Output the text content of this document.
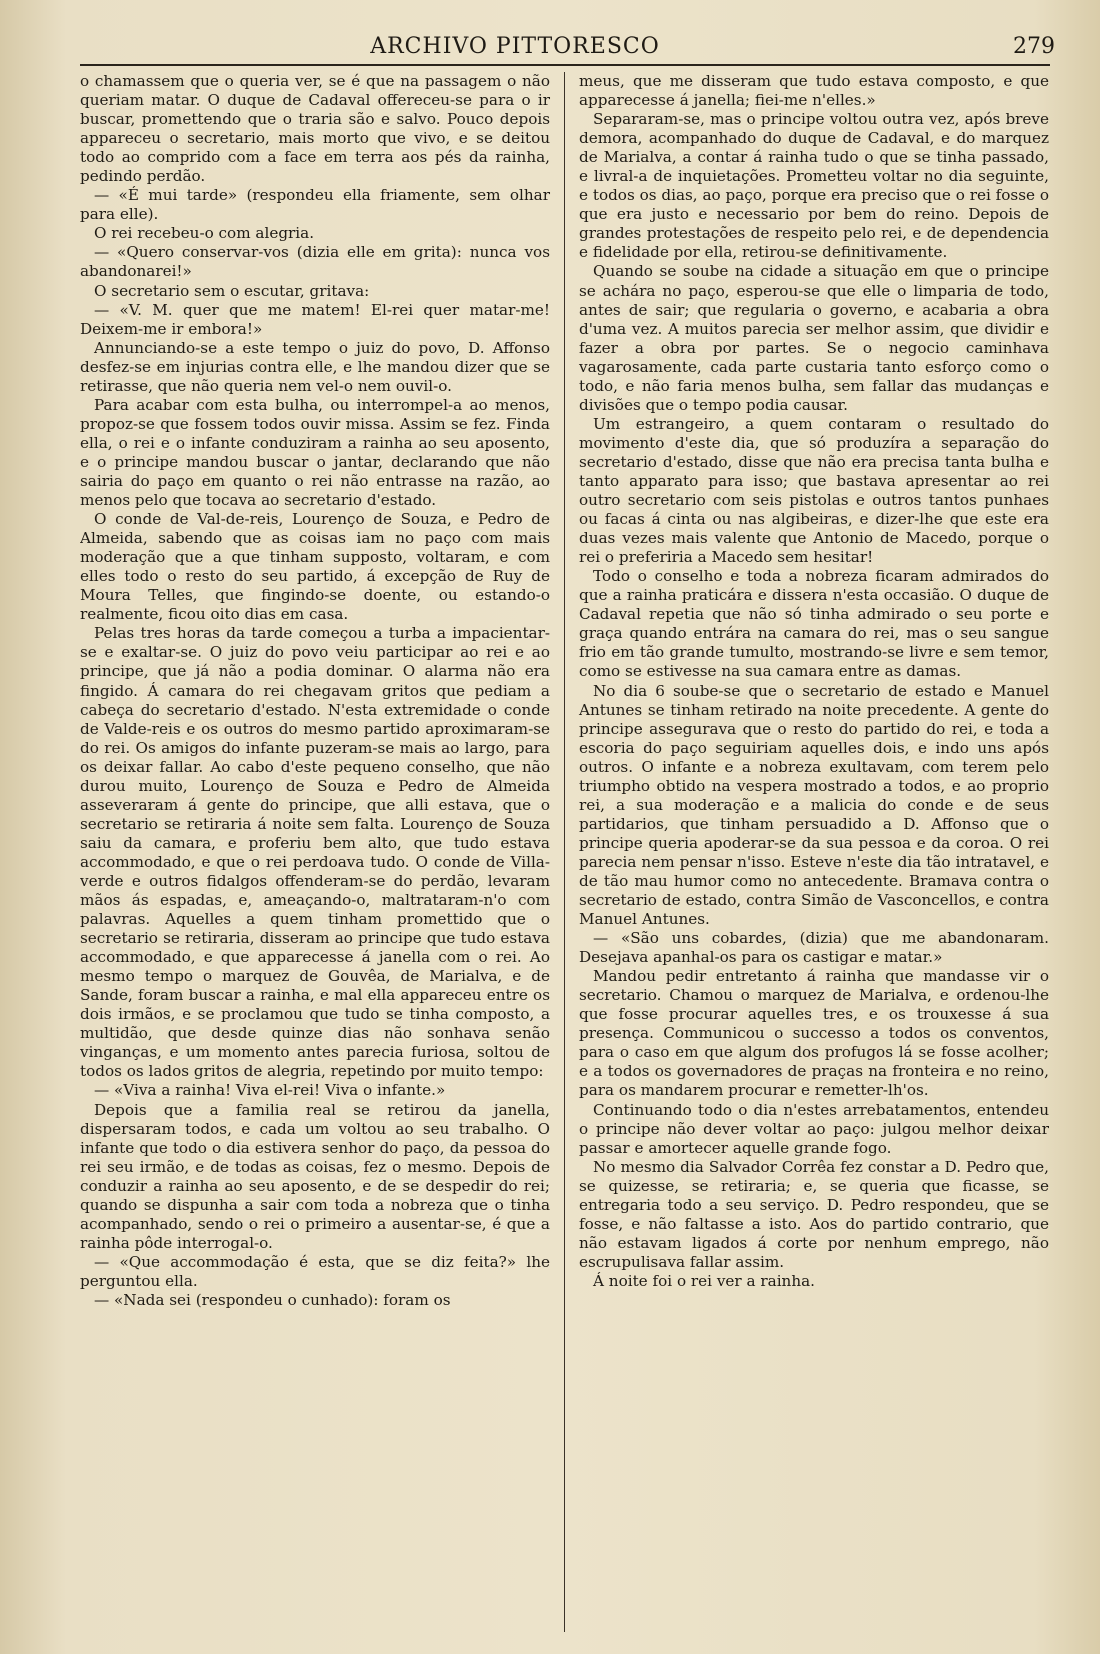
ARCHIVO PITTORESCO	279

o chamassem que o queria ver, se é que na passagem o não queriam matar. O duque de Cadaval offereceu-se para o ir buscar, promettendo que o traria são e salvo. Pouco depois appareceu o secretario, mais morto que vivo, e se deitou todo ao comprido com a face em terra aos pés da rainha, pedindo perdão.

— «É mui tarde» (respondeu ella friamente, sem olhar para elle).

O rei recebeu-o com alegria.

— «Quero conservar-vos (dizia elle em grita): nunca vos abandonarei!»

O secretario sem o escutar, gritava:

— «V. M. quer que me matem! El-rei quer matar-me! Deixem-me ir embora!»

Annunciando-se a este tempo o juiz do povo, D. Affonso desfez-se em injurias contra elle, e lhe mandou dizer que se retirasse, que não queria nem vel-o nem ouvil-o.

Para acabar com esta bulha, ou interrompel-a ao menos, propoz-se que fossem todos ouvir missa. Assim se fez. Finda ella, o rei e o infante conduziram a rainha ao seu aposento, e o principe mandou buscar o jantar, declarando que não sairia do paço em quanto o rei não entrasse na razão, ao menos pelo que tocava ao secretario d'estado.

O conde de Val-de-reis, Lourenço de Souza, e Pedro de Almeida, sabendo que as coisas iam no paço com mais moderação que a que tinham supposto, voltaram, e com elles todo o resto do seu partido, á excepção de Ruy de Moura Telles, que fingindo-se doente, ou estando-o realmente, ficou oito dias em casa.

Pelas tres horas da tarde começou a turba a impacientar-se e exaltar-se. O juiz do povo veiu participar ao rei e ao principe, que já não a podia dominar. O alarma não era fingido. Á camara do rei chegavam gritos que pediam a cabeça do secretario d'estado. N'esta extremidade o conde de Valde-reis e os outros do mesmo partido aproximaram-se do rei. Os amigos do infante puzeram-se mais ao largo, para os deixar fallar. Ao cabo d'este pequeno conselho, que não durou muito, Lourenço de Souza e Pedro de Almeida asseveraram á gente do principe, que alli estava, que o secretario se retiraria á noite sem falta. Lourenço de Souza saiu da camara, e proferiu bem alto, que tudo estava accommodado, e que o rei perdoava tudo. O conde de Villa-verde e outros fidalgos offenderam-se do perdão, levaram mãos ás espadas, e, ameaçando-o, maltrataram-n'o com palavras. Aquelles a quem tinham promettido que o secretario se retiraria, disseram ao principe que tudo estava accommodado, e que apparecesse á janella com o rei. Ao mesmo tempo o marquez de Gouvêa, de Marialva, e de Sande, foram buscar a rainha, e mal ella appareceu entre os dois irmãos, e se proclamou que tudo se tinha composto, a multidão, que desde quinze dias não sonhava senão vinganças, e um momento antes parecia furiosa, soltou de todos os lados gritos de alegria, repetindo por muito tempo:

— «Viva a rainha! Viva el-rei! Viva o infante.»

Depois que a familia real se retirou da janella, dispersaram todos, e cada um voltou ao seu trabalho. O infante que todo o dia estivera senhor do paço, da pessoa do rei seu irmão, e de todas as coisas, fez o mesmo. Depois de conduzir a rainha ao seu aposento, e de se despedir do rei; quando se dispunha a sair com toda a nobreza que o tinha acompanhado, sendo o rei o primeiro a ausentar-se, é que a rainha pôde interrogal-o.

— «Que accommodação é esta, que se diz feita?» lhe perguntou ella.

— «Nada sei (respondeu o cunhado): foram os

meus, que me disseram que tudo estava composto, e que apparecesse á janella; fiei-me n'elles.»

Separaram-se, mas o principe voltou outra vez, após breve demora, acompanhado do duque de Cadaval, e do marquez de Marialva, a contar á rainha tudo o que se tinha passado, e livral-a de inquietações. Prometteu voltar no dia seguinte, e todos os dias, ao paço, porque era preciso que o rei fosse o que era justo e necessario por bem do reino. Depois de grandes protestações de respeito pelo rei, e de dependencia e fidelidade por ella, retirou-se definitivamente.

Quando se soube na cidade a situação em que o principe se achára no paço, esperou-se que elle o limparia de todo, antes de sair; que regularia o governo, e acabaria a obra d'uma vez. A muitos parecia ser melhor assim, que dividir e fazer a obra por partes. Se o negocio caminhava vagarosamente, cada parte custaria tanto esforço como o todo, e não faria menos bulha, sem fallar das mudanças e divisões que o tempo podia causar.

Um estrangeiro, a quem contaram o resultado do movimento d'este dia, que só produzíra a separação do secretario d'estado, disse que não era precisa tanta bulha e tanto apparato para isso; que bastava apresentar ao rei outro secretario com seis pistolas e outros tantos punhaes ou facas á cinta ou nas algibeiras, e dizer-lhe que este era duas vezes mais valente que Antonio de Macedo, porque o rei o preferiria a Macedo sem hesitar!

Todo o conselho e toda a nobreza ficaram admirados do que a rainha praticára e dissera n'esta occasião. O duque de Cadaval repetia que não só tinha admirado o seu porte e graça quando entrára na camara do rei, mas o seu sangue frio em tão grande tumulto, mostrando-se livre e sem temor, como se estivesse na sua camara entre as damas.

No dia 6 soube-se que o secretario de estado e Manuel Antunes se tinham retirado na noite precedente. A gente do principe assegurava que o resto do partido do rei, e toda a escoria do paço seguiriam aquelles dois, e indo uns após outros. O infante e a nobreza exultavam, com terem pelo triumpho obtido na vespera mostrado a todos, e ao proprio rei, a sua moderação e a malicia do conde e de seus partidarios, que tinham persuadido a D. Affonso que o principe queria apoderar-se da sua pessoa e da coroa. O rei parecia nem pensar n'isso. Esteve n'este dia tão intratavel, e de tão mau humor como no antecedente. Bramava contra o secretario de estado, contra Simão de Vasconcellos, e contra Manuel Antunes.

— «São uns cobardes, (dizia) que me abandonaram. Desejava apanhal-os para os castigar e matar.»

Mandou pedir entretanto á rainha que mandasse vir o secretario. Chamou o marquez de Marialva, e ordenou-lhe que fosse procurar aquelles tres, e os trouxesse á sua presença. Communicou o successo a todos os conventos, para o caso em que algum dos profugos lá se fosse acolher; e a todos os governadores de praças na fronteira e no reino, para os mandarem procurar e remetter-lh'os.

Continuando todo o dia n'estes arrebatamentos, entendeu o principe não dever voltar ao paço: julgou melhor deixar passar e amortecer aquelle grande fogo.

No mesmo dia Salvador Corrêa fez constar a D. Pedro que, se quizesse, se retiraria; e, se queria que ficasse, se entregaria todo a seu serviço. D. Pedro respondeu, que se fosse, e não faltasse a isto. Aos do partido contrario, que não estavam ligados á corte por nenhum emprego, não escrupulisava fallar assim.

Á noite foi o rei ver a rainha.
